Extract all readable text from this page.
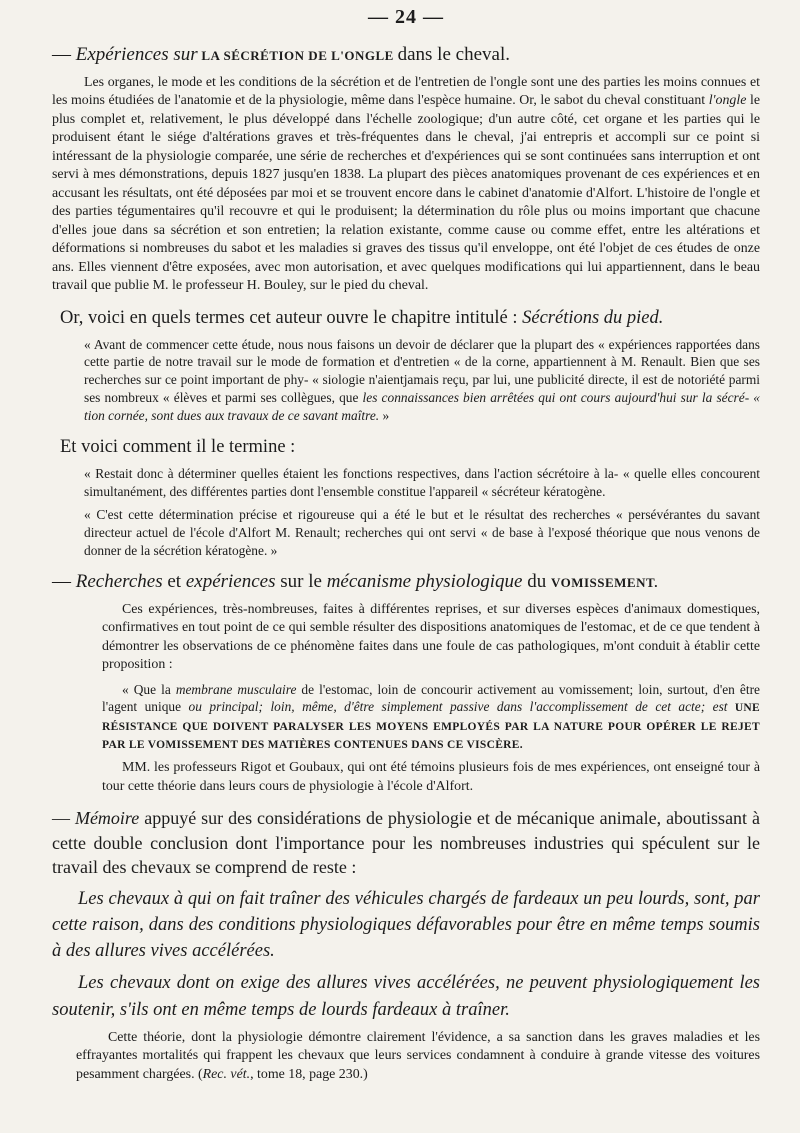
— 24 —

— Expériences sur LA SÉCRÉTION DE L'ONGLE dans le cheval.

Les organes, le mode et les conditions de la sécrétion et de l'entretien de l'ongle sont une des parties les moins connues et les moins étudiées de l'anatomie et de la physiologie, même dans l'espèce humaine. Or, le sabot du cheval constituant l'ongle le plus complet et, relativement, le plus développé dans l'échelle zoologique; d'un autre côté, cet organe et les parties qui le produisent étant le siége d'altérations graves et très-fréquentes dans le cheval, j'ai entrepris et accompli sur ce point si intéressant de la physiologie comparée, une série de recherches et d'expériences qui se sont continuées sans interruption et ont servi à mes démonstrations, depuis 1827 jusqu'en 1838. La plupart des pièces anatomiques provenant de ces expériences et en accusant les résultats, ont été déposées par moi et se trouvent encore dans le cabinet d'anatomie d'Alfort. L'histoire de l'ongle et des parties tégumentaires qu'il recouvre et qui le produisent; la détermination du rôle plus ou moins important que chacune d'elles joue dans sa sécrétion et son entretien; la relation existante, comme cause ou comme effet, entre les altérations et déformations si nombreuses du sabot et les maladies si graves des tissus qu'il enveloppe, ont été l'objet de ces études de onze ans. Elles viennent d'être exposées, avec mon autorisation, et avec quelques modifications qui lui appartiennent, dans le beau travail que publie M. le professeur H. Bouley, sur le pied du cheval.

Or, voici en quels termes cet auteur ouvre le chapitre intitulé : Sécrétions du pied.

« Avant de commencer cette étude, nous nous faisons un devoir de déclarer que la plupart des « expériences rapportées dans cette partie de notre travail sur le mode de formation et d'entretien « de la corne, appartiennent à M. Renault. Bien que ses recherches sur ce point important de phy- « siologie n'aientjamais reçu, par lui, une publicité directe, il est de notoriété parmi ses nombreux « élèves et parmi ses collègues, que les connaissances bien arrêtées qui ont cours aujourd'hui sur la sécré- « tion cornée, sont dues aux travaux de ce savant maître. »

Et voici comment il le termine :

« Restait donc à déterminer quelles étaient les fonctions respectives, dans l'action sécrétoire à la- « quelle elles concourent simultanément, des différentes parties dont l'ensemble constitue l'appareil « sécréteur kératogène.

« C'est cette détermination précise et rigoureuse qui a été le but et le résultat des recherches « persévérantes du savant directeur actuel de l'école d'Alfort M. Renault; recherches qui ont servi « de base à l'exposé théorique que nous venons de donner de la sécrétion kératogène. »

— Recherches et expériences sur le mécanisme physiologique du VOMISSEMENT.

Ces expériences, très-nombreuses, faites à différentes reprises, et sur diverses espèces d'animaux domestiques, confirmatives en tout point de ce qui semble résulter des dispositions anatomiques de l'estomac, et de ce que tendent à démontrer les observations de ce phénomène faites dans une foule de cas pathologiques, m'ont conduit à établir cette proposition :

« Que la membrane musculaire de l'estomac, loin de concourir activement au vomissement; loin, surtout, d'en être l'agent unique ou principal; loin, même, d'être simplement passive dans l'accomplissement de cet acte; est UNE RÉSISTANCE QUE DOIVENT PARALYSER LES MOYENS EMPLOYÉS PAR LA NATURE POUR OPÉRER LE REJET PAR LE VOMISSEMENT DES MATIÈRES CONTENUES DANS CE VISCÈRE.

MM. les professeurs Rigot et Goubaux, qui ont été témoins plusieurs fois de mes expériences, ont enseigné tour à tour cette théorie dans leurs cours de physiologie à l'école d'Alfort.

— Mémoire appuyé sur des considérations de physiologie et de mécanique animale, aboutissant à cette double conclusion dont l'importance pour les nombreuses industries qui spéculent sur le travail des chevaux se comprend de reste :

Les chevaux à qui on fait traîner des véhicules chargés de fardeaux un peu lourds, sont, par cette raison, dans des conditions physiologiques défavorables pour être en même temps soumis à des allures vives accélérées.

Les chevaux dont on exige des allures vives accélérées, ne peuvent physiologiquement les soutenir, s'ils ont en même temps de lourds fardeaux à traîner.

Cette théorie, dont la physiologie démontre clairement l'évidence, a sa sanction dans les graves maladies et les effrayantes mortalités qui frappent les chevaux que leurs services condamnent à conduire à grande vitesse des voitures pesamment chargées. (Rec. vét., tome 18, page 230.)
